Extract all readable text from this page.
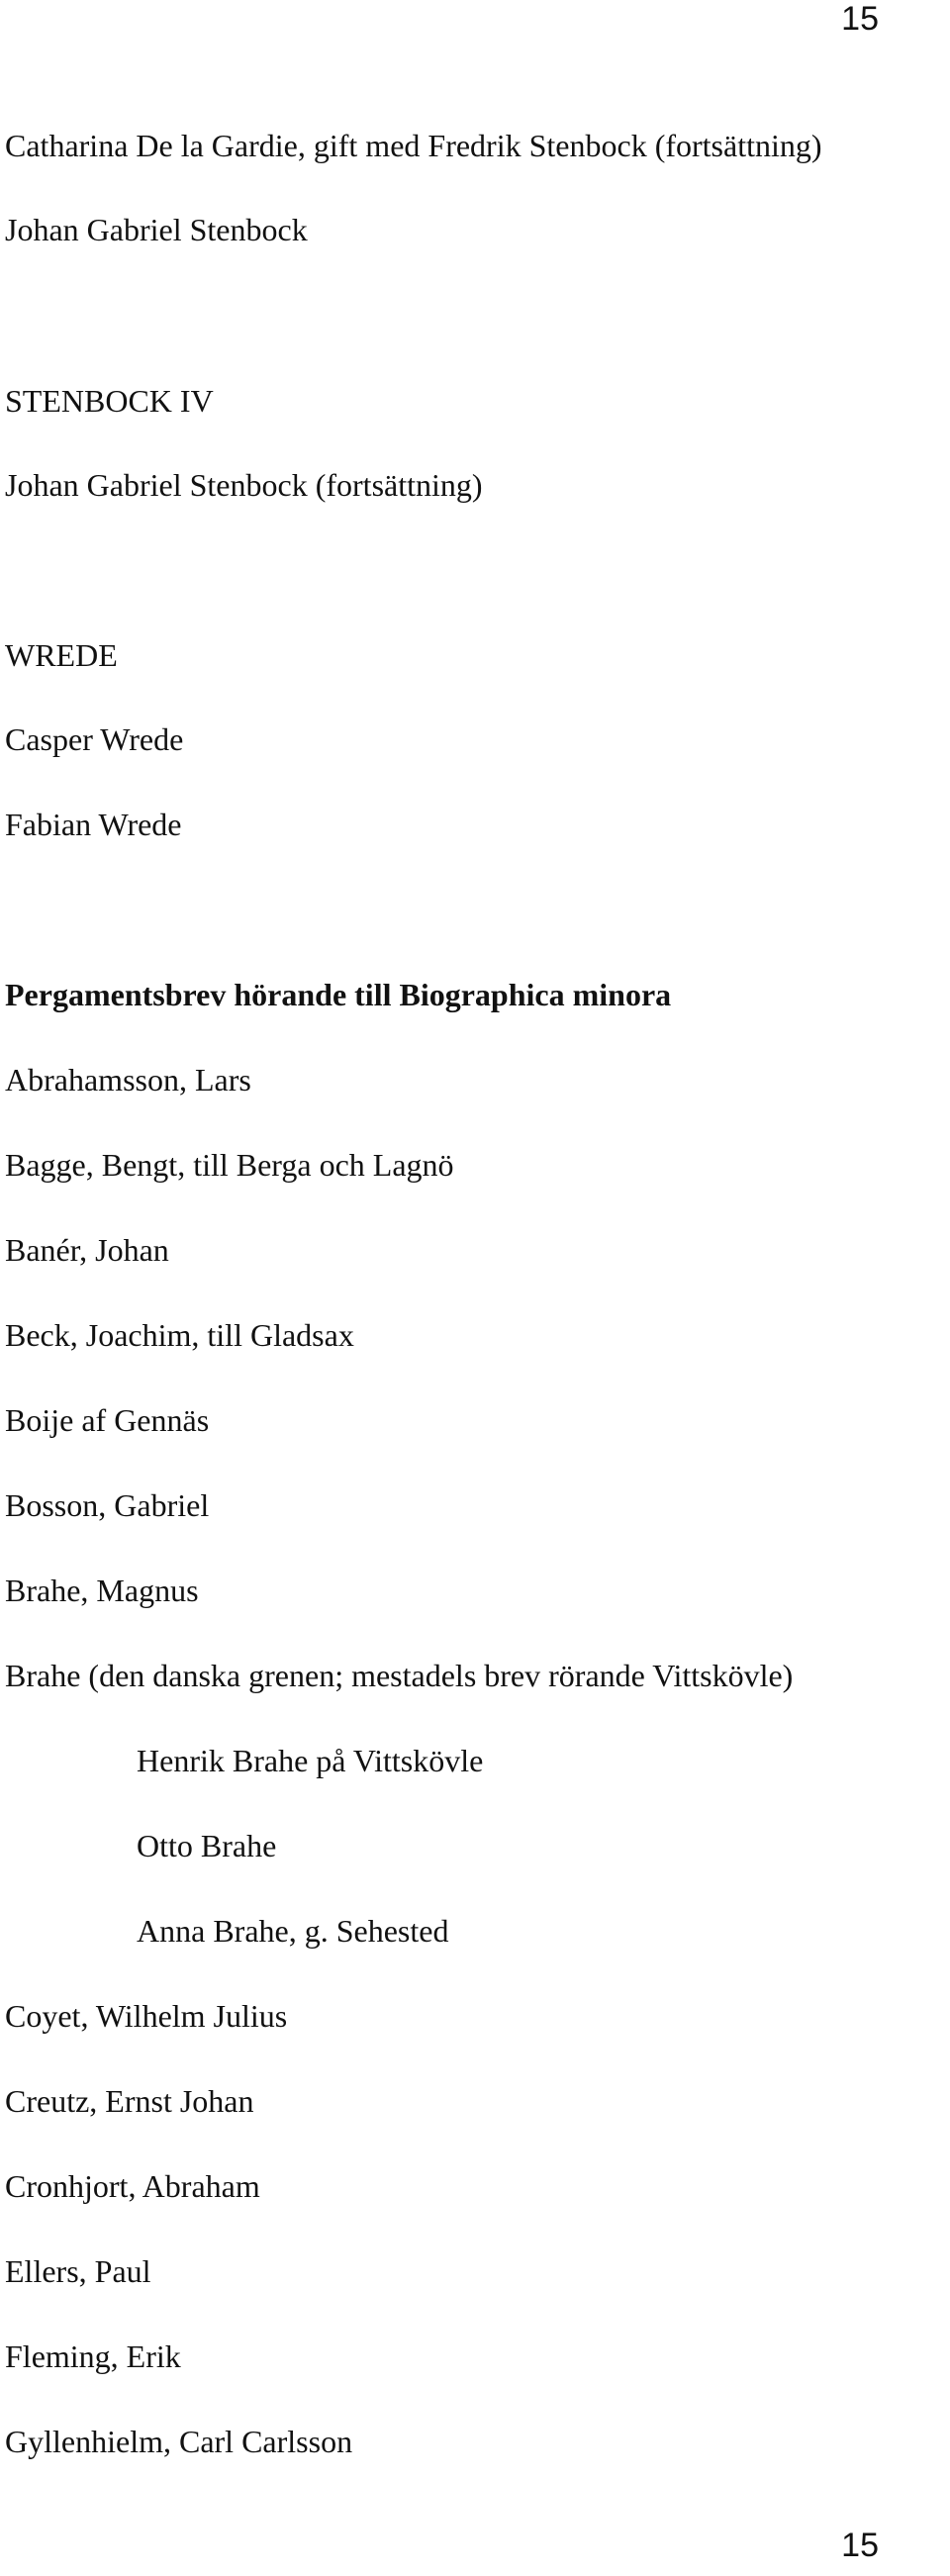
15
Catharina De la Gardie, gift med Fredrik Stenbock (fortsättning)
Johan Gabriel Stenbock
STENBOCK IV
Johan Gabriel Stenbock (fortsättning)
WREDE
Casper Wrede
Fabian Wrede
Pergamentsbrev hörande till Biographica minora
Abrahamsson, Lars
Bagge, Bengt, till Berga och Lagnö
Banér, Johan
Beck, Joachim, till Gladsax
Boije af Gennäs
Bosson, Gabriel
Brahe, Magnus
Brahe (den danska grenen; mestadels brev rörande Vittskövle)
Henrik Brahe på Vittskövle
Otto Brahe
Anna Brahe, g. Sehested
Coyet, Wilhelm Julius
Creutz, Ernst Johan
Cronhjort, Abraham
Ellers, Paul
Fleming, Erik
Gyllenhielm, Carl Carlsson
15
